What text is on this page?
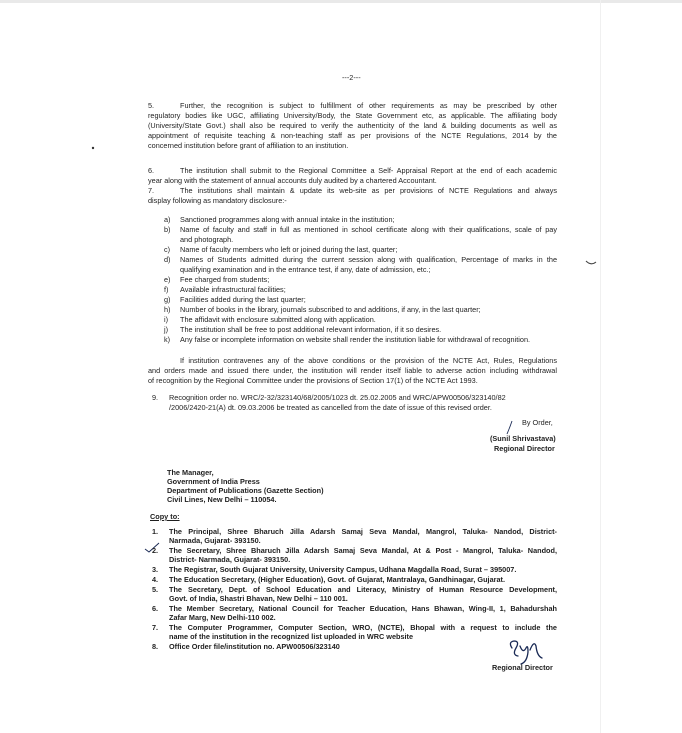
---2---
5.	Further, the recognition is subject to fulfillment of other requirements as may be prescribed by other
regulatory bodies like UGC, affiliating University/Body, the State Government etc, as applicable. The affiliating body
(University/State Govt.) shall also be required to verify the authenticity of the land & building documents as well as
appointment of requisite teaching & non-teaching staff as per provisions of the NCTE Regulations, 2014 by the
concerned institution before grant of affiliation to an institution.
6.	The institution shall submit to the Regional Committee a Self- Appraisal Report at the end of each academic
year along with the statement of annual accounts duly audited by a chartered Accountant.
7.	The institutions shall maintain & update its web-site as per provisions of NCTE Regulations and always
display following as mandatory disclosure:-
a) Sanctioned programmes along with annual intake in the institution;
b) Name of faculty and staff in full as mentioned in school certificate along with their qualifications, scale of pay
and photograph.
c) Name of faculty members who left or joined during the last, quarter;
d) Names of Students admitted during the current session along with qualification, Percentage of marks in the
qualifying examination and in the entrance test, if any, date of admission, etc.;
e) Fee charged from students;
f) Available infrastructural facilities;
g) Facilities added during the last quarter;
h) Number of books in the library, journals subscribed to and additions, if any, in the last quarter;
i) The affidavit with enclosure submitted along with application.
j) The institution shall be free to post additional relevant information, if it so desires.
k) Any false or incomplete information on website shall render the institution liable for withdrawal of recognition.
If institution contravenes any of the above conditions or the provision of the NCTE Act, Rules, Regulations
and orders made and issued there under, the institution will render itself liable to adverse action including withdrawal
of recognition by the Regional Committee under the provisions of Section 17(1) of the NCTE Act 1993.
9. Recognition order no. WRC/2-32/323140/68/2005/1023 dt. 25.02.2005 and WRC/APW00506/323140/82
/2006/2420-21(A) dt. 09.03.2006 be treated as cancelled from the date of issue of this revised order.
By Order,
(Sunil Shrivastava)
Regional Director
The Manager,
Government of India Press
Department of Publications (Gazette Section)
Civil Lines, New Delhi – 110054.
Copy to:
1. The Principal, Shree Bharuch Jilla Adarsh Samaj Seva Mandal, Mangrol, Taluka- Nandod, District-
Narmada, Gujarat- 393150.
2. The Secretary, Shree Bharuch Jilla Adarsh Samaj Seva Mandal, At & Post - Mangrol, Taluka- Nandod,
District- Narmada, Gujarat- 393150.
3. The Registrar, South Gujarat University, University Campus, Udhana Magdalla Road, Surat – 395007.
4. The Education Secretary, (Higher Education), Govt. of Gujarat, Mantralaya, Gandhinagar, Gujarat.
5. The Secretary, Dept. of School Education and Literacy, Ministry of Human Resource Development,
Govt. of India, Shastri Bhavan, New Delhi – 110 001.
6. The Member Secretary, National Council for Teacher Education, Hans Bhawan, Wing-II, 1, Bahadurshah
Zafar Marg, New Delhi-110 002.
7. The Computer Programmer, Computer Section, WRO, (NCTE), Bhopal with a request to include the
name of the institution in the recognized list uploaded in WRC website
8. Office Order file/institution no. APW00506/323140
Regional Director
